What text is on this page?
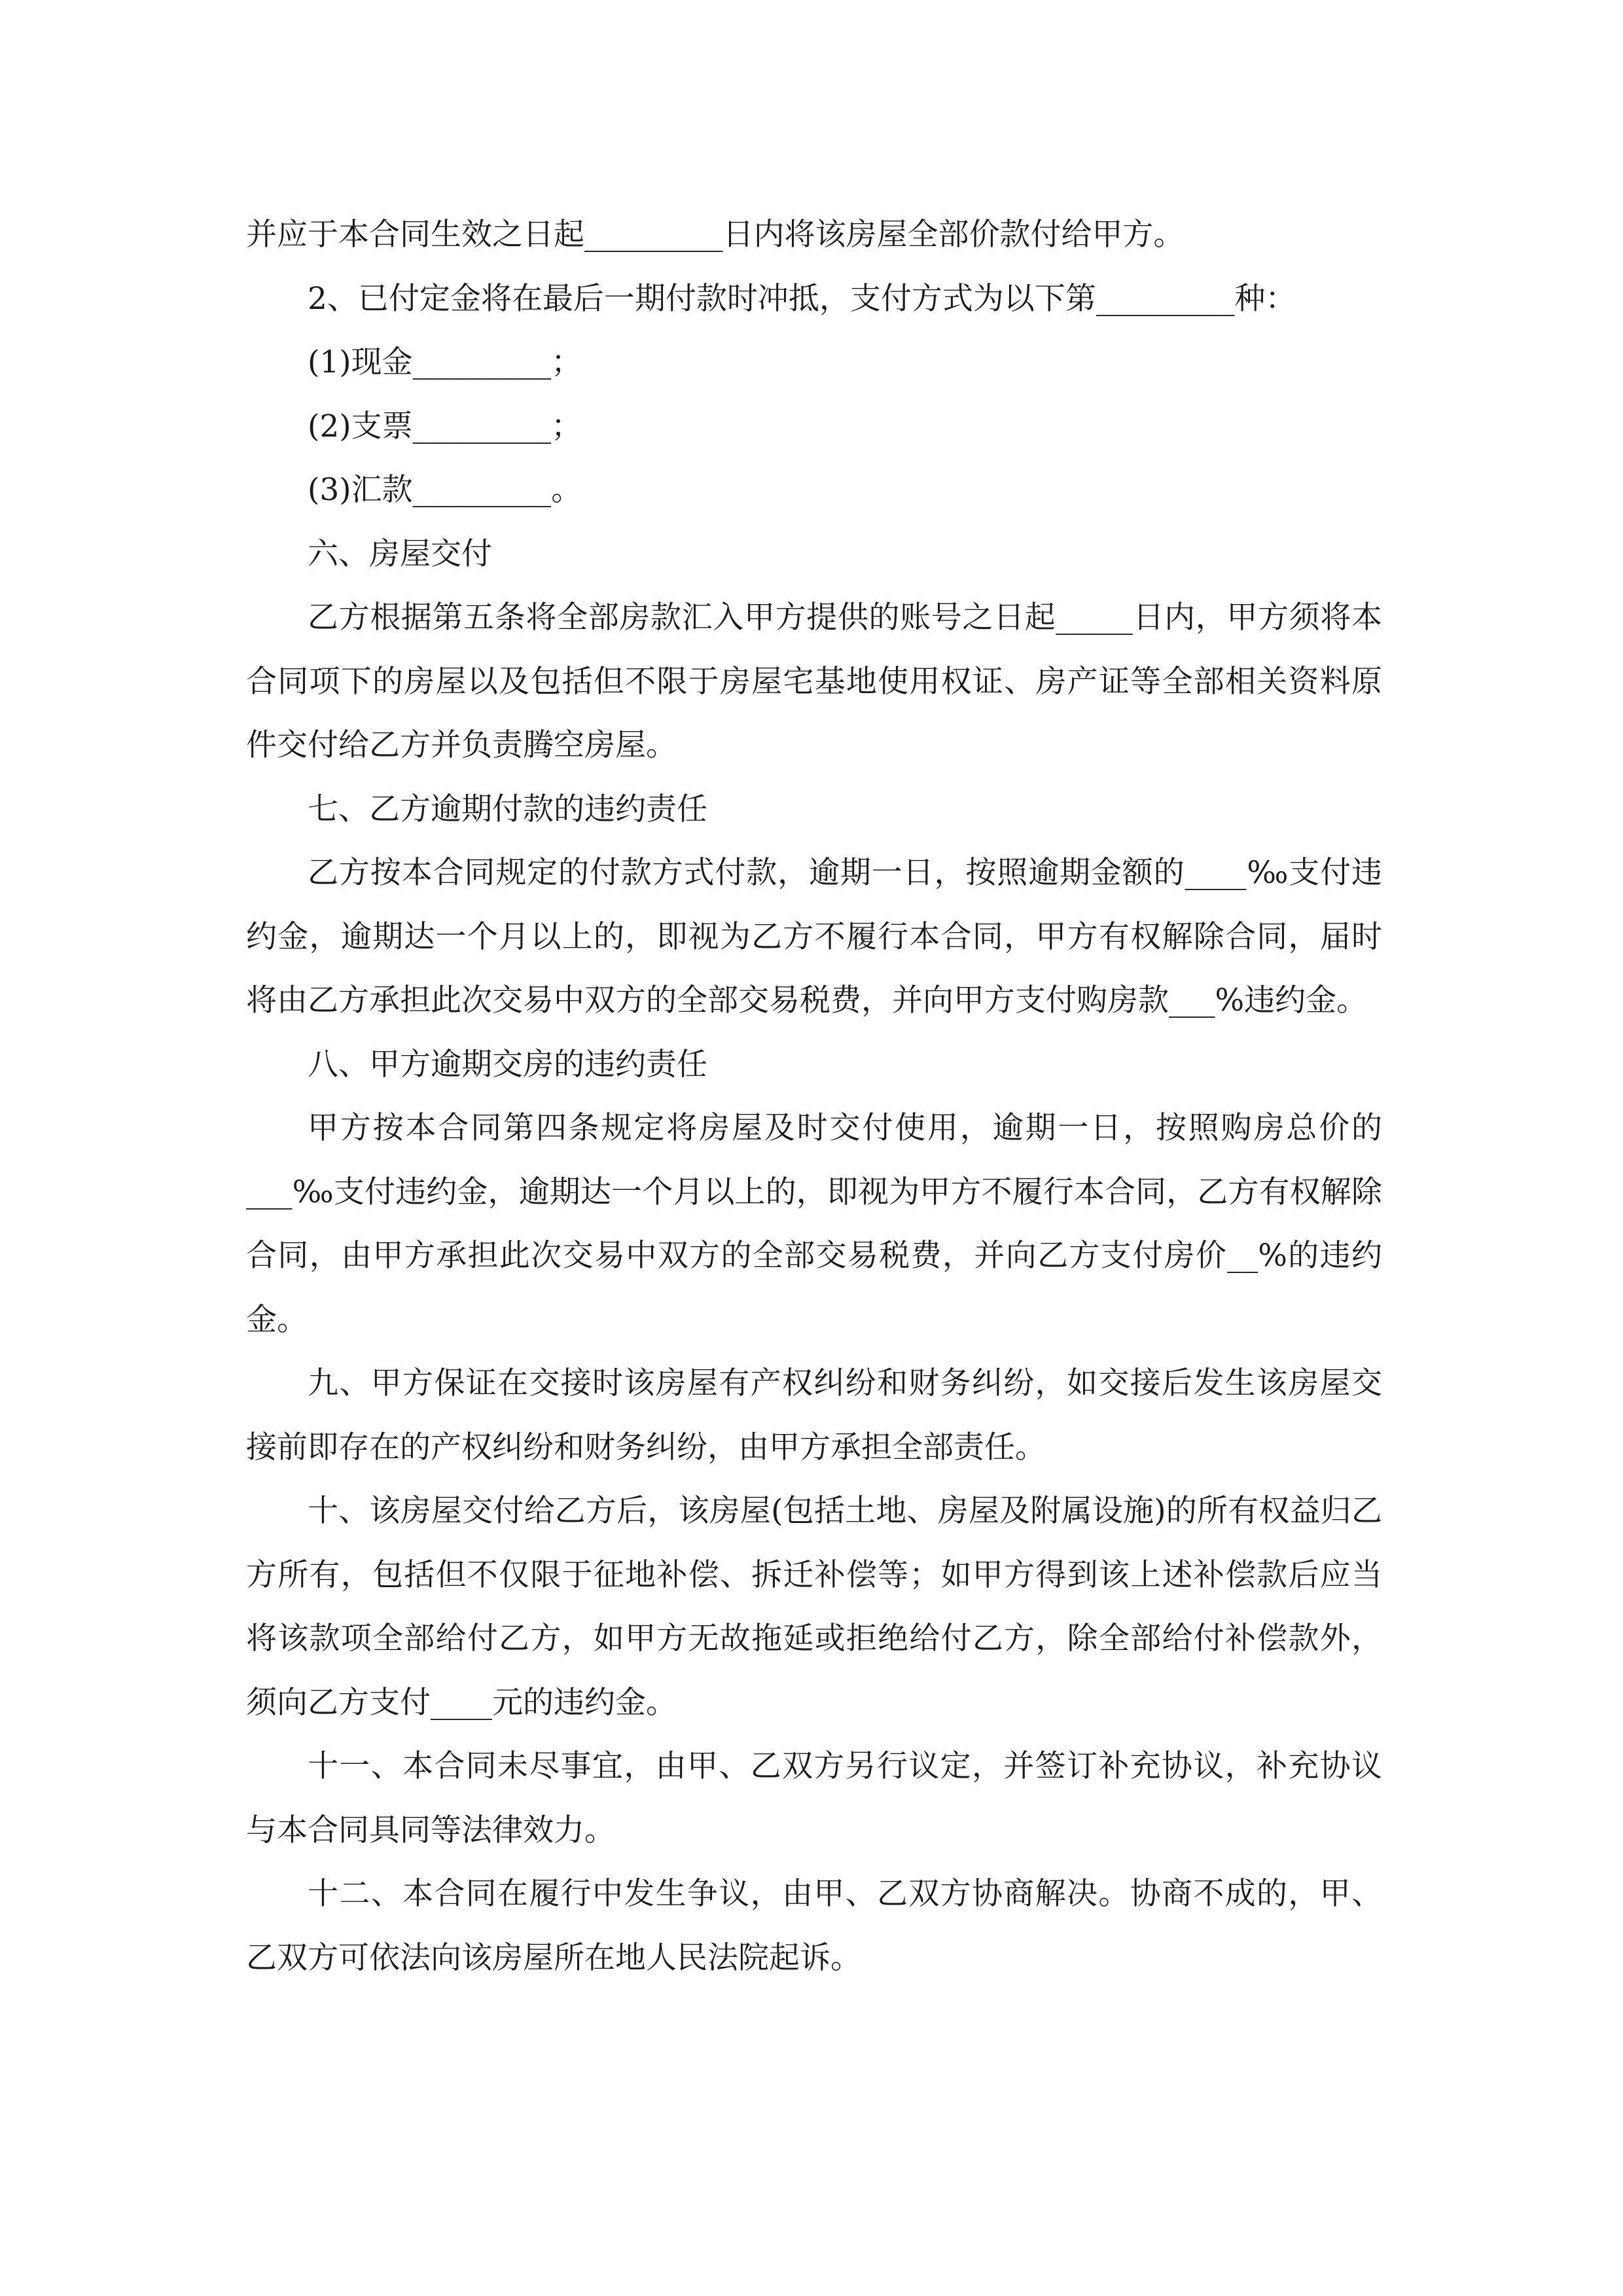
并应于本合同生效之日起_________日内将该房屋全部价款付给甲方。

2、已付定金将在最后一期付款时冲抵，支付方式为以下第_________种：

(1)现金_________；

(2)支票_________；

(3)汇款_________。

六、房屋交付

乙方根据第五条将全部房款汇入甲方提供的账号之日起_____日内，甲方须将本合同项下的房屋以及包括但不限于房屋宅基地使用权证、房产证等全部相关资料原件交付给乙方并负责腾空房屋。

七、乙方逾期付款的违约责任

乙方按本合同规定的付款方式付款，逾期一日，按照逾期金额的____‰支付违约金，逾期达一个月以上的，即视为乙方不履行本合同，甲方有权解除合同，届时将由乙方承担此次交易中双方的全部交易税费，并向甲方支付购房款___%违约金。

八、甲方逾期交房的违约责任

甲方按本合同第四条规定将房屋及时交付使用，逾期一日，按照购房总价的___‰支付违约金，逾期达一个月以上的，即视为甲方不履行本合同，乙方有权解除合同，由甲方承担此次交易中双方的全部交易税费，并向乙方支付房价__%的违约金。

九、甲方保证在交接时该房屋有产权纠纷和财务纠纷，如交接后发生该房屋交接前即存在的产权纠纷和财务纠纷，由甲方承担全部责任。

十、该房屋交付给乙方后，该房屋(包括土地、房屋及附属设施)的所有权益归乙方所有，包括但不仅限于征地补偿、拆迁补偿等；如甲方得到该上述补偿款后应当将该款项全部给付乙方，如甲方无故拖延或拒绝给付乙方，除全部给付补偿款外，须向乙方支付____元的违约金。

十一、本合同未尽事宜，由甲、乙双方另行议定，并签订补充协议，补充协议与本合同具同等法律效力。

十二、本合同在履行中发生争议，由甲、乙双方协商解决。协商不成的，甲、乙双方可依法向该房屋所在地人民法院起诉。
